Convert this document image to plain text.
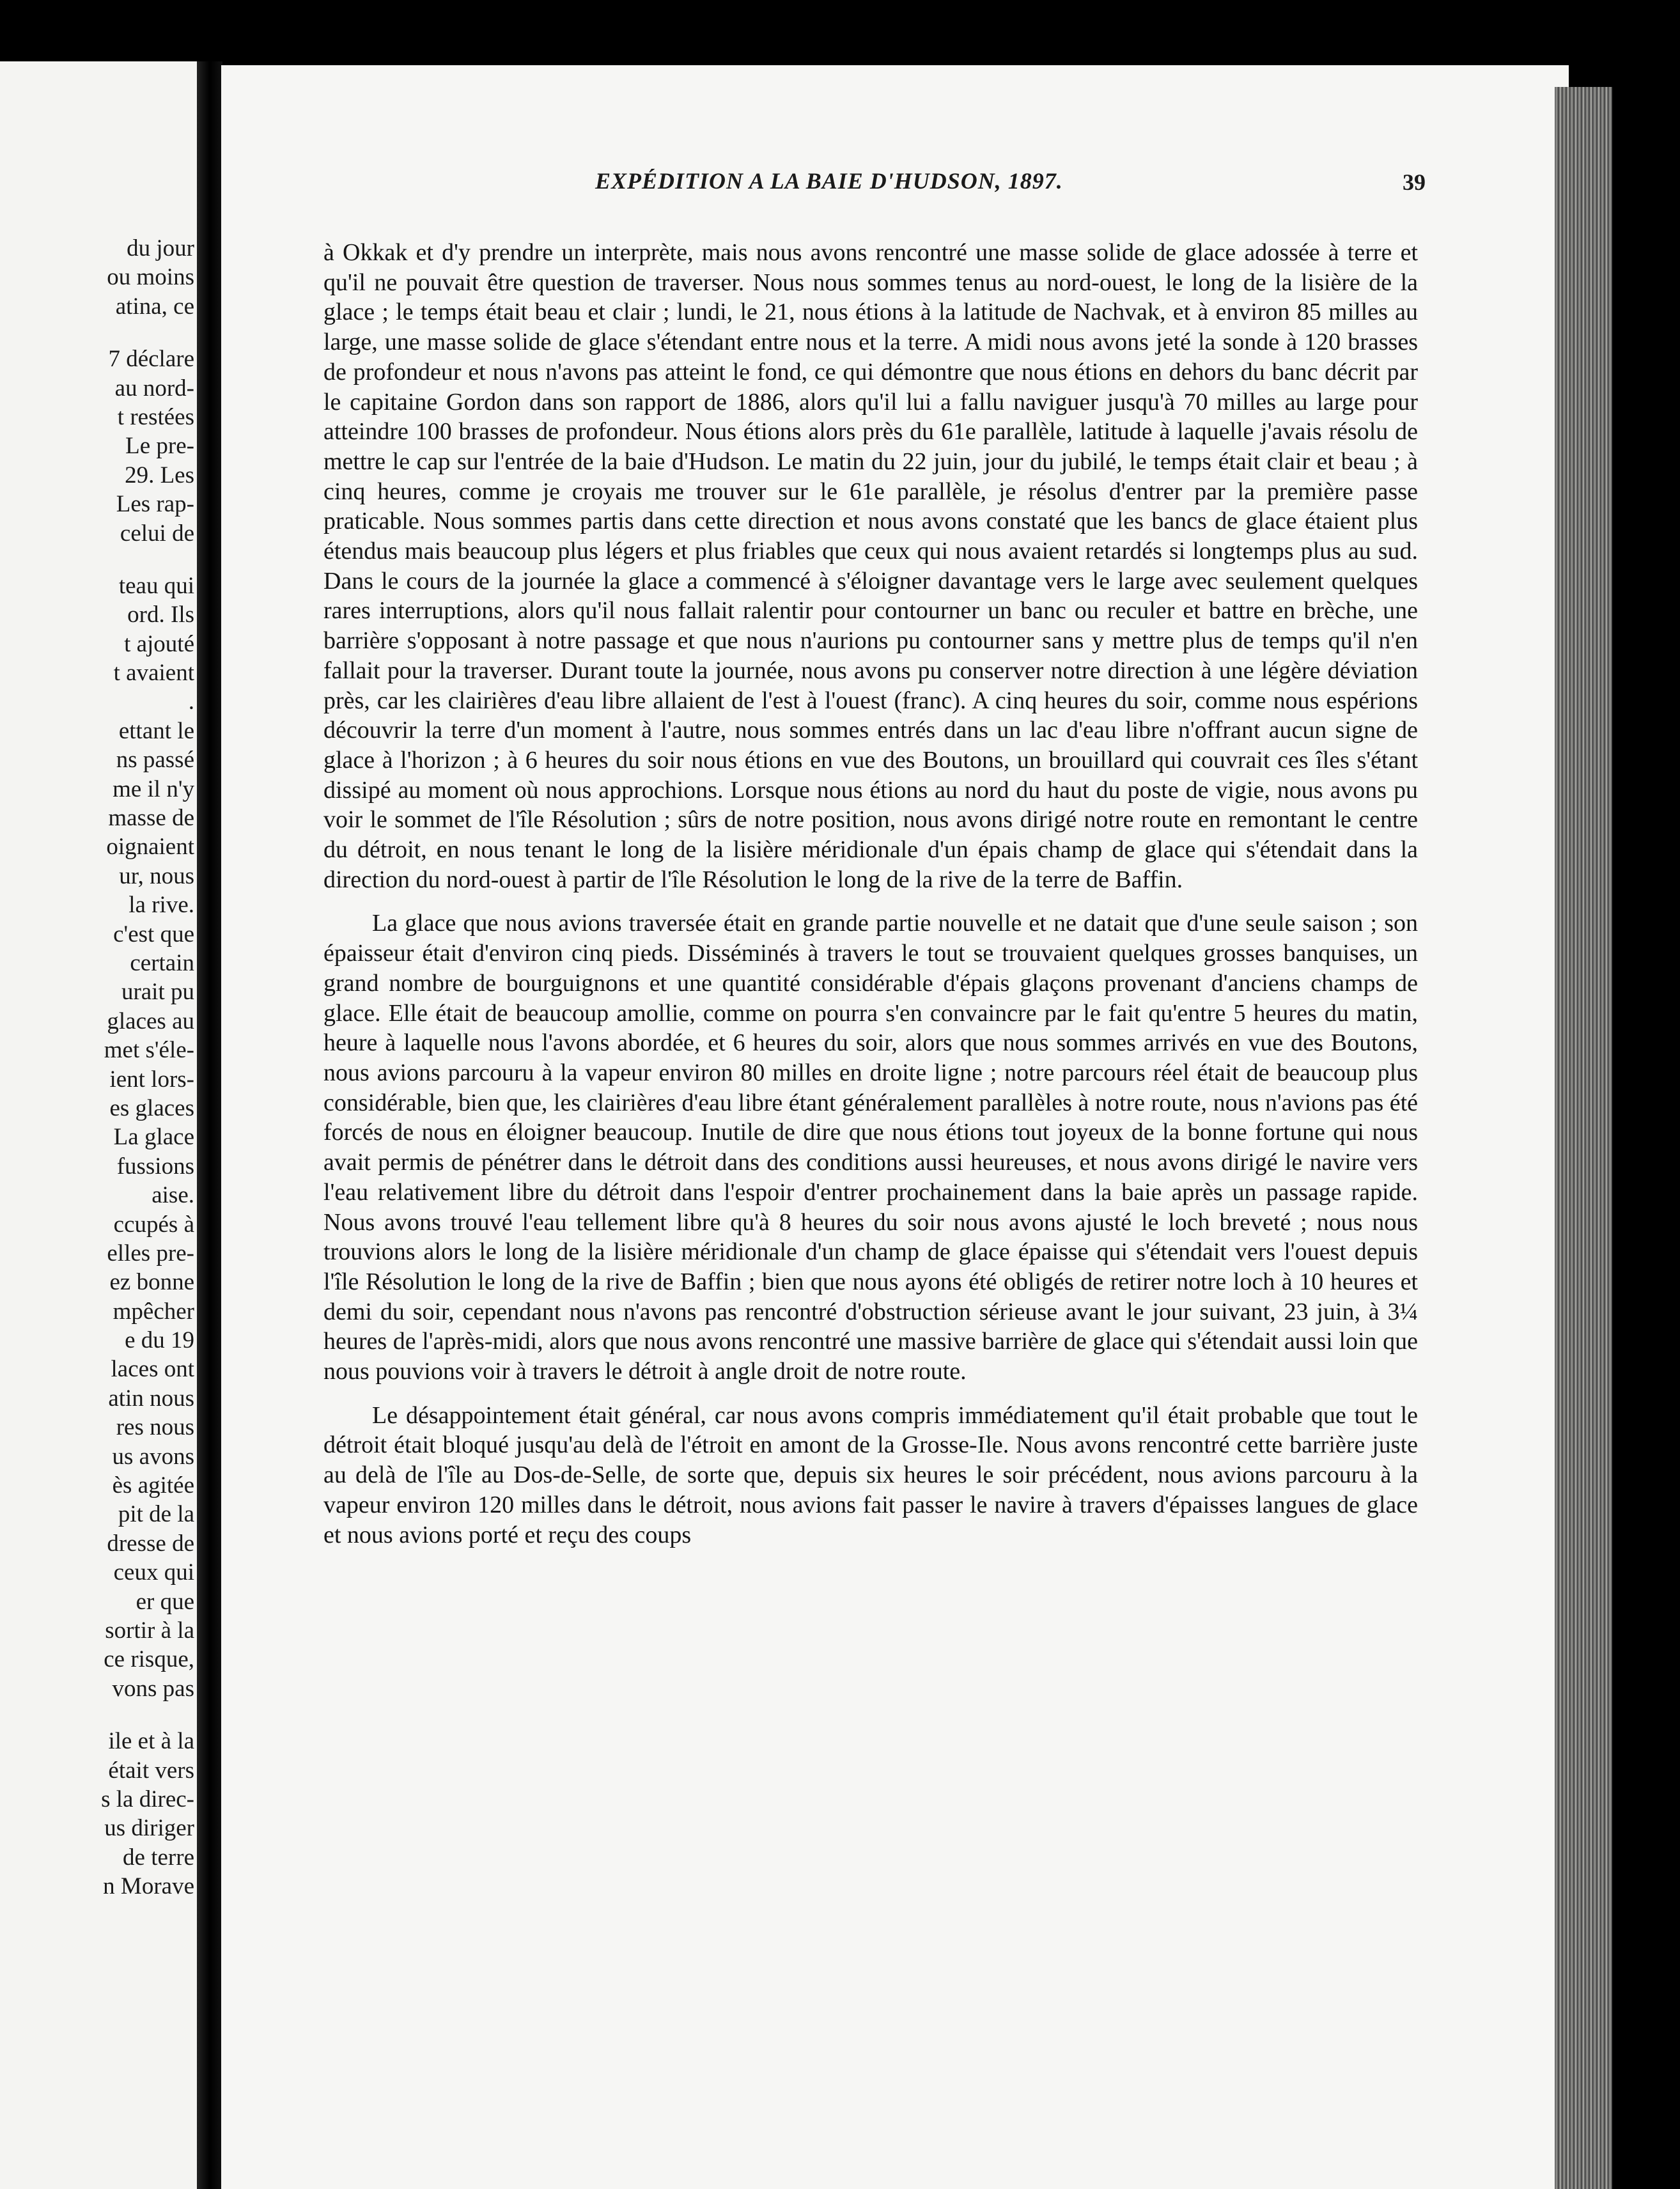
du jour
ou moins
atina, ce
7 déclare
au nord-
t restées
Le pre-
29. Les
Les rap-
celui de
teau qui
ord. Ils
t ajouté
t avaient
.
ettant le
ns passé
me il n'y
masse de
oignaient
ur, nous
la rive.
c'est que
certain
urait pu
glaces au
met s'éle-
ient lors-
es glaces
La glace
fussions
aise.
ccupés à
elles pre-
ez bonne
mpêcher
e du 19
laces ont
atin nous
res nous
us avons
ès agitée
pit de la
dresse de
ceux qui
er que
sortir à la
ce risque,
vons pas
ile et à la
était vers
s la direc-
us diriger
de terre
n Morave
EXPÉDITION A LA BAIE D'HUDSON, 1897.	39

à Okkak et d'y prendre un interprète, mais nous avons rencontré une masse solide de glace adossée à terre et qu'il ne pouvait être question de traverser. Nous nous sommes tenus au nord-ouest, le long de la lisière de la glace ; le temps était beau et clair ; lundi, le 21, nous étions à la latitude de Nachvak, et à environ 85 milles au large, une masse solide de glace s'étendant entre nous et la terre. A midi nous avons jeté la sonde à 120 brasses de profondeur et nous n'avons pas atteint le fond, ce qui démontre que nous étions en dehors du banc décrit par le capitaine Gordon dans son rapport de 1886, alors qu'il lui a fallu naviguer jusqu'à 70 milles au large pour atteindre 100 brasses de profondeur. Nous étions alors près du 61e parallèle, latitude à laquelle j'avais résolu de mettre le cap sur l'entrée de la baie d'Hudson. Le matin du 22 juin, jour du jubilé, le temps était clair et beau ; à cinq heures, comme je croyais me trouver sur le 61e parallèle, je résolus d'entrer par la première passe praticable. Nous sommes partis dans cette direction et nous avons constaté que les bancs de glace étaient plus étendus mais beaucoup plus légers et plus friables que ceux qui nous avaient retardés si longtemps plus au sud. Dans le cours de la journée la glace a commencé à s'éloigner davantage vers le large avec seulement quelques rares interruptions, alors qu'il nous fallait ralentir pour contourner un banc ou reculer et battre en brèche, une barrière s'opposant à notre passage et que nous n'aurions pu contourner sans y mettre plus de temps qu'il n'en fallait pour la traverser. Durant toute la journée, nous avons pu conserver notre direction à une légère déviation près, car les clairières d'eau libre allaient de l'est à l'ouest (franc). A cinq heures du soir, comme nous espérions découvrir la terre d'un moment à l'autre, nous sommes entrés dans un lac d'eau libre n'offrant aucun signe de glace à l'horizon ; à 6 heures du soir nous étions en vue des Boutons, un brouillard qui couvrait ces îles s'étant dissipé au moment où nous approchions. Lorsque nous étions au nord du haut du poste de vigie, nous avons pu voir le sommet de l'île Résolution ; sûrs de notre position, nous avons dirigé notre route en remontant le centre du détroit, en nous tenant le long de la lisière méridionale d'un épais champ de glace qui s'étendait dans la direction du nord-ouest à partir de l'île Résolution le long de la rive de la terre de Baffin.

La glace que nous avions traversée était en grande partie nouvelle et ne datait que d'une seule saison ; son épaisseur était d'environ cinq pieds. Disséminés à travers le tout se trouvaient quelques grosses banquises, un grand nombre de bourguignons et une quantité considérable d'épais glaçons provenant d'anciens champs de glace. Elle était de beaucoup amollie, comme on pourra s'en convaincre par le fait qu'entre 5 heures du matin, heure à laquelle nous l'avons abordée, et 6 heures du soir, alors que nous sommes arrivés en vue des Boutons, nous avions parcouru à la vapeur environ 80 milles en droite ligne ; notre parcours réel était de beaucoup plus considérable, bien que, les clairières d'eau libre étant généralement parallèles à notre route, nous n'avions pas été forcés de nous en éloigner beaucoup. Inutile de dire que nous étions tout joyeux de la bonne fortune qui nous avait permis de pénétrer dans le détroit dans des conditions aussi heureuses, et nous avons dirigé le navire vers l'eau relativement libre du détroit dans l'espoir d'entrer prochainement dans la baie après un passage rapide. Nous avons trouvé l'eau tellement libre qu'à 8 heures du soir nous avons ajusté le loch breveté ; nous nous trouvions alors le long de la lisière méridionale d'un champ de glace épaisse qui s'étendait vers l'ouest depuis l'île Résolution le long de la rive de Baffin ; bien que nous ayons été obligés de retirer notre loch à 10 heures et demi du soir, cependant nous n'avons pas rencontré d'obstruction sérieuse avant le jour suivant, 23 juin, à 3¼ heures de l'après-midi, alors que nous avons rencontré une massive barrière de glace qui s'étendait aussi loin que nous pouvions voir à travers le détroit à angle droit de notre route.

Le désappointement était général, car nous avons compris immédiatement qu'il était probable que tout le détroit était bloqué jusqu'au delà de l'étroit en amont de la Grosse-Ile. Nous avons rencontré cette barrière juste au delà de l'île au Dos-de-Selle, de sorte que, depuis six heures le soir précédent, nous avions parcouru à la vapeur environ 120 milles dans le détroit, nous avions fait passer le navire à travers d'épaisses langues de glace et nous avions porté et reçu des coups
